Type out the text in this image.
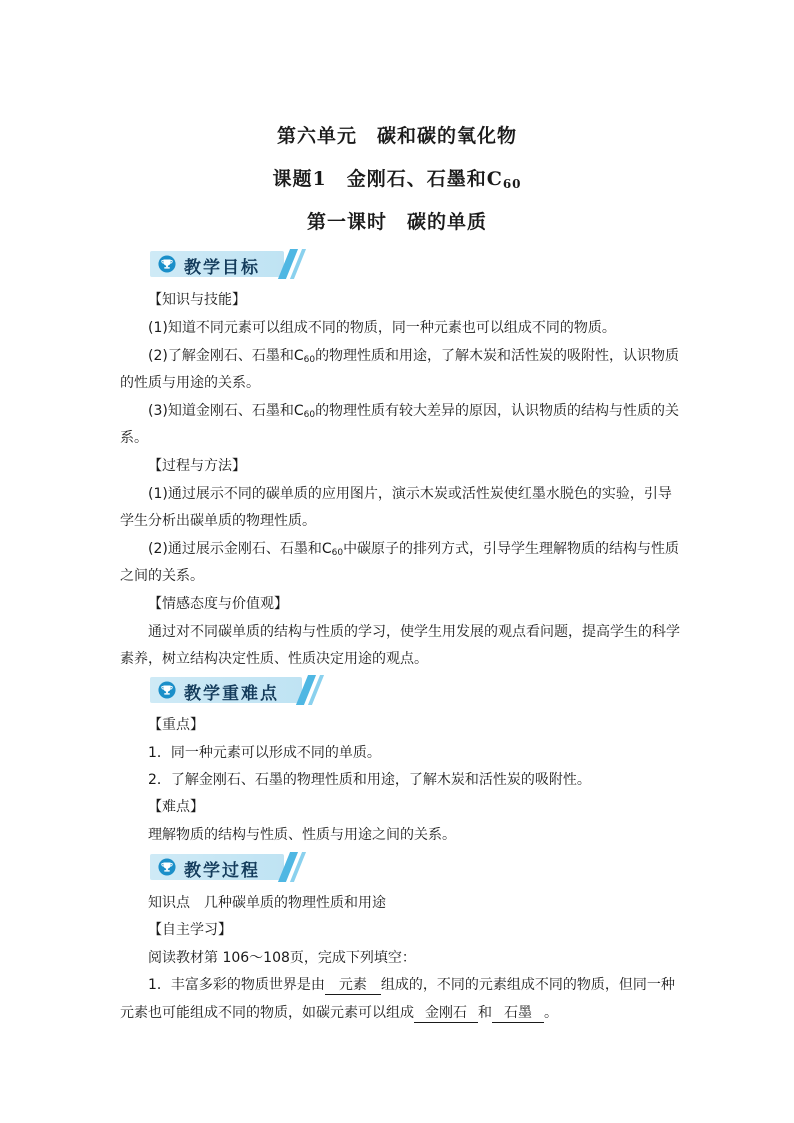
第六单元　碳和碳的氧化物
课题1　金刚石、石墨和$C_{60}$
第一课时　碳的单质
教学目标
【知识与技能】
(1)知道不同元素可以组成不同的物质，同一种元素也可以组成不同的物质。
(2)了解金刚石、石墨和$C_{60}$的物理性质和用途，了解木炭和活性炭的吸附性，认识物质
的性质与用途的关系。
(3)知道金刚石、石墨和$C_{60}$的物理性质有较大差异的原因，认识物质的结构与性质的关
系。
【过程与方法】
(1)通过展示不同的碳单质的应用图片，演示木炭或活性炭使红墨水脱色的实验，引导
学生分析出碳单质的物理性质。
(2)通过展示金刚石、石墨和$C_{60}$中碳原子的排列方式，引导学生理解物质的结构与性质
之间的关系。
【情感态度与价值观】
通过对不同碳单质的结构与性质的学习，使学生用发展的观点看问题，提高学生的科学
素养，树立结构决定性质、性质决定用途的观点。
教学重难点
【重点】
1．同一种元素可以形成不同的单质。
2．了解金刚石、石墨的物理性质和用途，了解木炭和活性炭的吸附性。
【难点】
理解物质的结构与性质、性质与用途之间的关系。
教学过程
知识点　几种碳单质的物理性质和用途
【自主学习】
阅读教材第 106～108页，完成下列填空：
1．丰富多彩的物质世界是由 元素 组成的，不同的元素组成不同的物质，但同一种
元素也可能组成不同的物质，如碳元素可以组成 金刚石 和 石墨 。
